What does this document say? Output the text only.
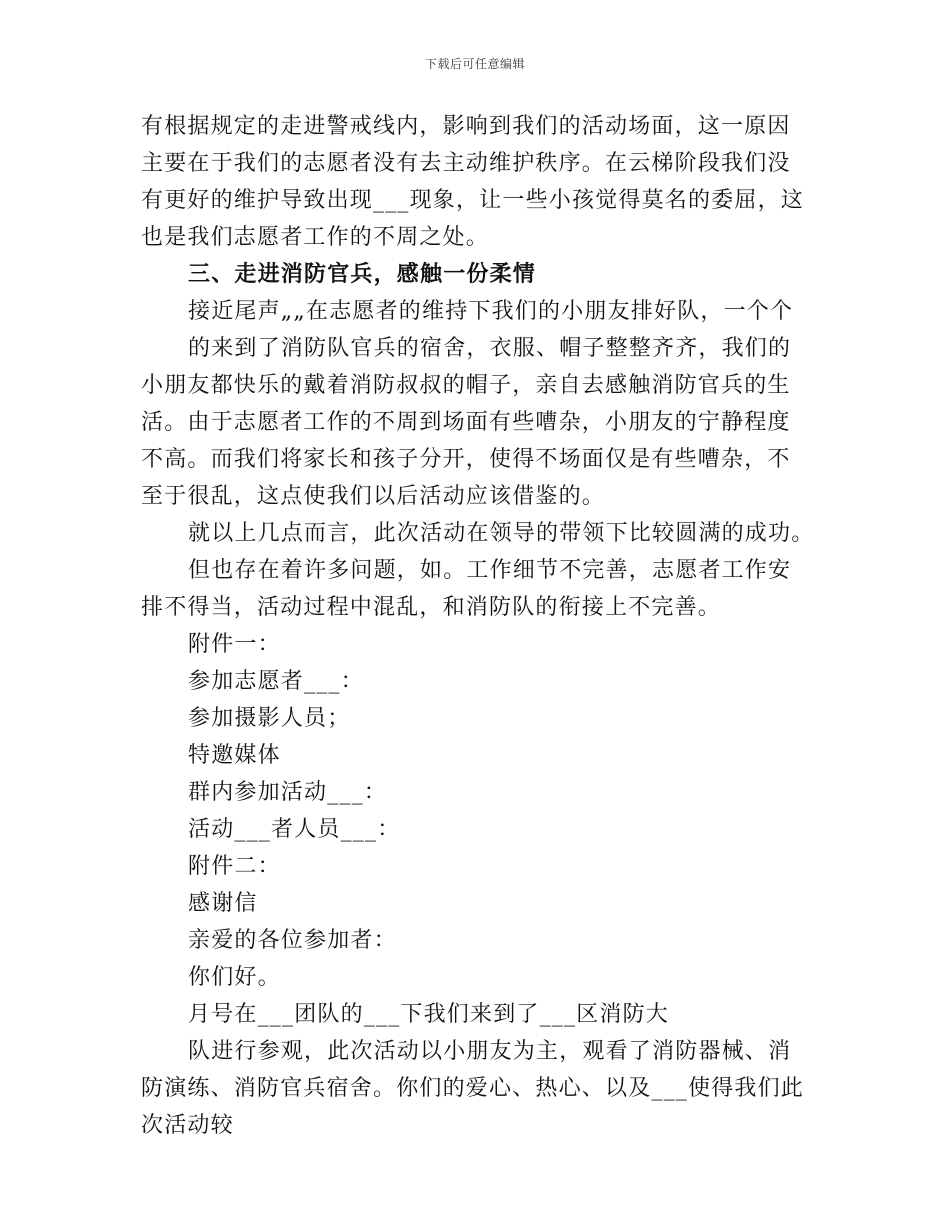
下载后可任意编辑

有根据规定的走进警戒线内，影响到我们的活动场面，这一原因主要在于我们的志愿者没有去主动维护秩序。在云梯阶段我们没有更好的维护导致出现___现象，让一些小孩觉得莫名的委屈，这也是我们志愿者工作的不周之处。

三、走进消防官兵，感触一份柔情

接近尾声„„在志愿者的维持下我们的小朋友排好队，一个个

的来到了消防队官兵的宿舍，衣服、帽子整整齐齐，我们的小朋友都快乐的戴着消防叔叔的帽子，亲自去感触消防官兵的生活。由于志愿者工作的不周到场面有些嘈杂，小朋友的宁静程度不高。而我们将家长和孩子分开，使得不场面仅是有些嘈杂，不至于很乱，这点使我们以后活动应该借鉴的。

就以上几点而言，此次活动在领导的带领下比较圆满的成功。

但也存在着许多问题，如。工作细节不完善，志愿者工作安排不得当，活动过程中混乱，和消防队的衔接上不完善。

附件一：

参加志愿者___：

参加摄影人员；

特邀媒体

群内参加活动___：

活动___者人员___：

附件二：

感谢信

亲爱的各位参加者：

你们好。

月号在___团队的___下我们来到了___区消防大

队进行参观，此次活动以小朋友为主，观看了消防器械、消防演练、消防官兵宿舍。你们的爱心、热心、以及___使得我们此次活动较
